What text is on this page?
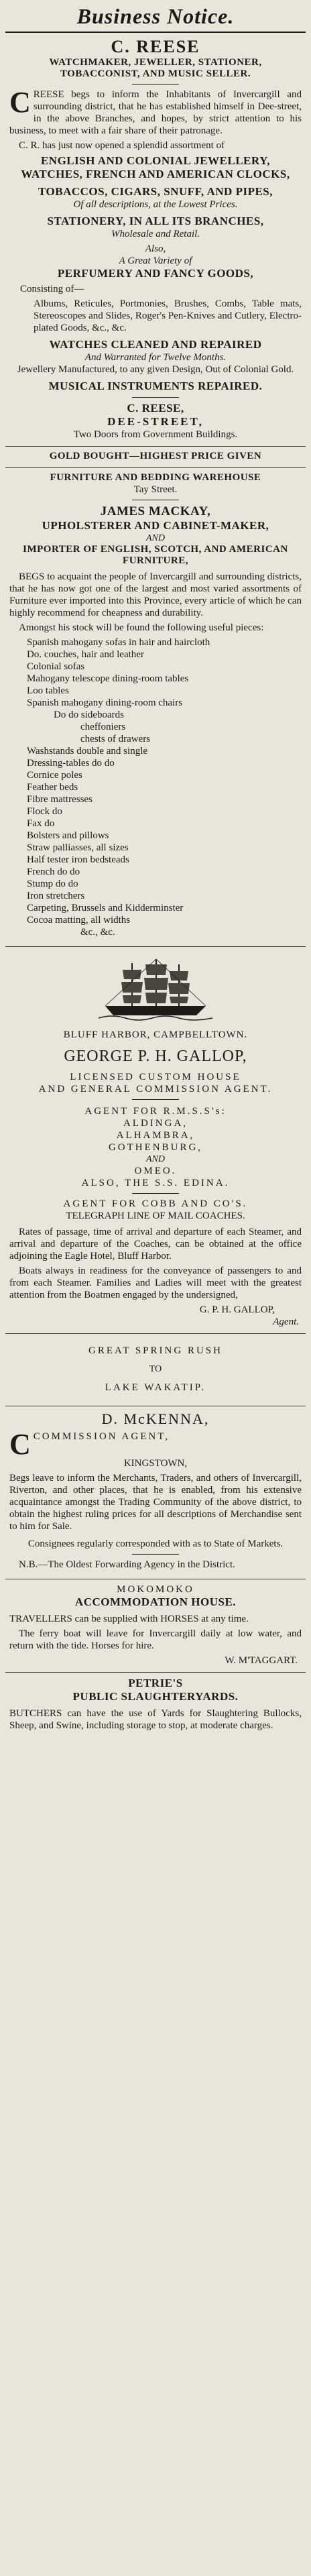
Business Notice.
C. REESE
WATCHMAKER, JEWELLER, STATIONER, TOBACCONIST, AND MUSIC SELLER.

CREESE begs to inform the Inhabitants of Invercargill and surrounding district, that he has established himself in Dee-street, in the above Branches, and hopes, by strict attention to his business, to meet with a fair share of their patronage.

C. R. has just now opened a splendid assortment of

ENGLISH AND COLONIAL JEWELLERY, WATCHES, FRENCH AND AMERICAN CLOCKS,
TOBACCOS, CIGARS, SNUFF, AND PIPES,
Of all descriptions, at the Lowest Prices.
STATIONERY, IN ALL ITS BRANCHES,
Wholesale and Retail.
Also,
A Great Variety of
PERFUMERY AND FANCY GOODS,

Consisting of—

Albums, Reticules, Portmonies, Brushes, Combs, Table mats, Stereoscopes and Slides, Roger's Pen-Knives and Cutlery, Electro-plated Goods, &c., &c.

WATCHES CLEANED AND REPAIRED
And Warranted for Twelve Months.
Jewellery Manufactured, to any given Design, Out of Colonial Gold.
MUSICAL INSTRUMENTS REPAIRED.
C. REESE,
DEE-STREET,
Two Doors from Government Buildings.
GOLD BOUGHT—HIGHEST PRICE GIVEN
FURNITURE AND BEDDING WAREHOUSE
Tay Street.
JAMES MACKAY,
UPHOLSTERER AND CABINET-MAKER,
AND
IMPORTER OF ENGLISH, SCOTCH, AND AMERICAN FURNITURE,

BEGS to acquaint the people of Invercargill and surrounding districts, that he has now got one of the largest and most varied assortments of Furniture ever imported into this Province, every article of which he can highly recommend for cheapness and durability.

Amongst his stock will be found the following useful pieces:

Spanish mahogany sofas in hair and haircloth
Do. couches, hair and leather
Colonial sofas
Mahogany telescope dining-room tables
Loo tables
Spanish mahogany dining-room chairs
Do do sideboards
cheffoniers
chests of drawers
Washstands double and single
Dressing-tables do do
Cornice poles
Feather beds
Fibre mattresses
Flock do
Fax do
Bolsters and pillows
Straw palliasses, all sizes
Half tester iron bedsteads
French do do
Stump do do
Iron stretchers
Carpeting, Brussels and Kidderminster
Cocoa matting, all widths
&c., &c.
BLUFF HARBOR, CAMPBELLTOWN.
GEORGE P. H. GALLOP,
LICENSED CUSTOM HOUSE
AND GENERAL COMMISSION AGENT.
AGENT FOR R.M.S.S's:
ALDINGA,
ALHAMBRA,
GOTHENBURG,
AND
OMEO.
ALSO, THE S.S. EDINA.
AGENT FOR COBB AND CO'S.
TELEGRAPH LINE OF MAIL COACHES.

Rates of passage, time of arrival and departure of each Steamer, and arrival and departure of the Coaches, can be obtained at the office adjoining the Eagle Hotel, Bluff Harbor.

Boats always in readiness for the conveyance of passengers to and from each Steamer. Families and Ladies will meet with the greatest attention from the Boatmen engaged by the undersigned,

G. P. H. GALLOP,
Agent.
GREAT SPRING RUSH
TO
LAKE WAKATIP.
D. McKENNA,

CCOMMISSION AGENT,

KINGSTOWN,

Begs leave to inform the Merchants, Traders, and others of Invercargill, Riverton, and other places, that he is enabled, from his extensive acquaintance amongst the Trading Community of the above district, to obtain the highest ruling prices for all descriptions of Merchandise sent to him for Sale.

Consignees regularly corresponded with as to State of Markets.

N.B.—The Oldest Forwarding Agency in the District.

MOKOMOKO
ACCOMMODATION HOUSE.

TRAVELLERS can be supplied with HORSES at any time.

The ferry boat will leave for Invercargill daily at low water, and return with the tide. Horses for hire.

W. M'TAGGART.
PETRIE'S
PUBLIC SLAUGHTERYARDS.

BUTCHERS can have the use of Yards for Slaughtering Bullocks, Sheep, and Swine, including storage to stop, at moderate charges.
